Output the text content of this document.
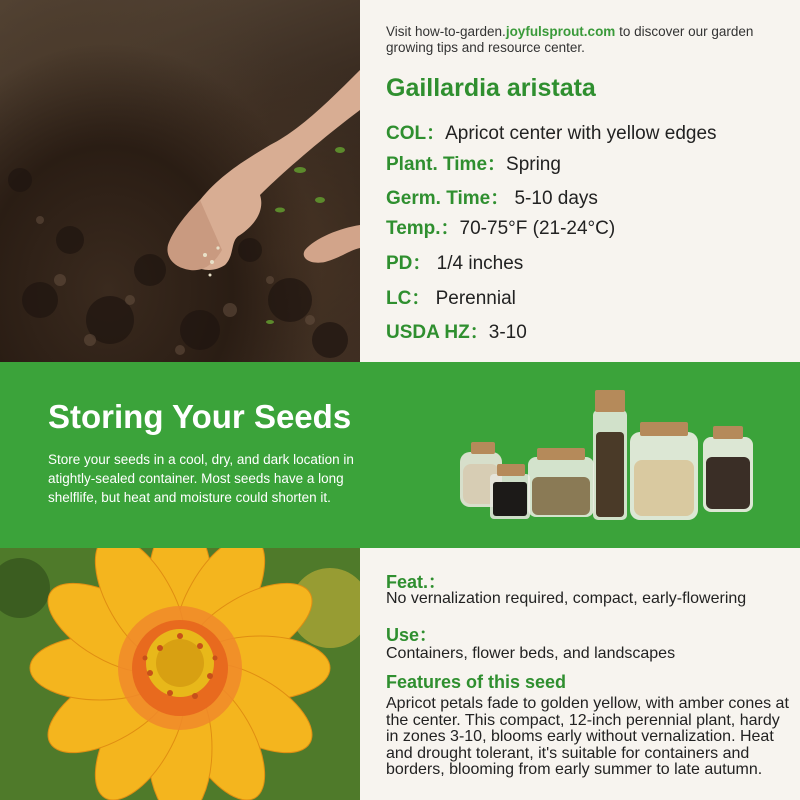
Visit how-to-garden.joyfulsprout.com to discover our garden growing tips and resource center.
Gaillardia aristata
COL：Apricot center with yellow edges
Plant. Time：Spring
Germ. Time： 5-10 days
Temp.：70-75°F (21-24°C)
PD： 1/4 inches
LC： Perennial
USDA HZ：3-10
Storing Your Seeds
Store your seeds in a cool, dry, and dark location in atightly-sealed container. Most seeds have a long shelflife, but heat and moisture could shorten it.
Feat.：
No vernalization required, compact, early-flowering
Use：
Containers, flower beds, and landscapes
Features of this seed
Apricot petals fade to golden yellow, with amber cones at the center. This compact, 12-inch perennial plant, hardy in zones 3-10, blooms early without vernalization. Heat and drought tolerant, it's suitable for containers and borders, blooming from early summer to late autumn.
